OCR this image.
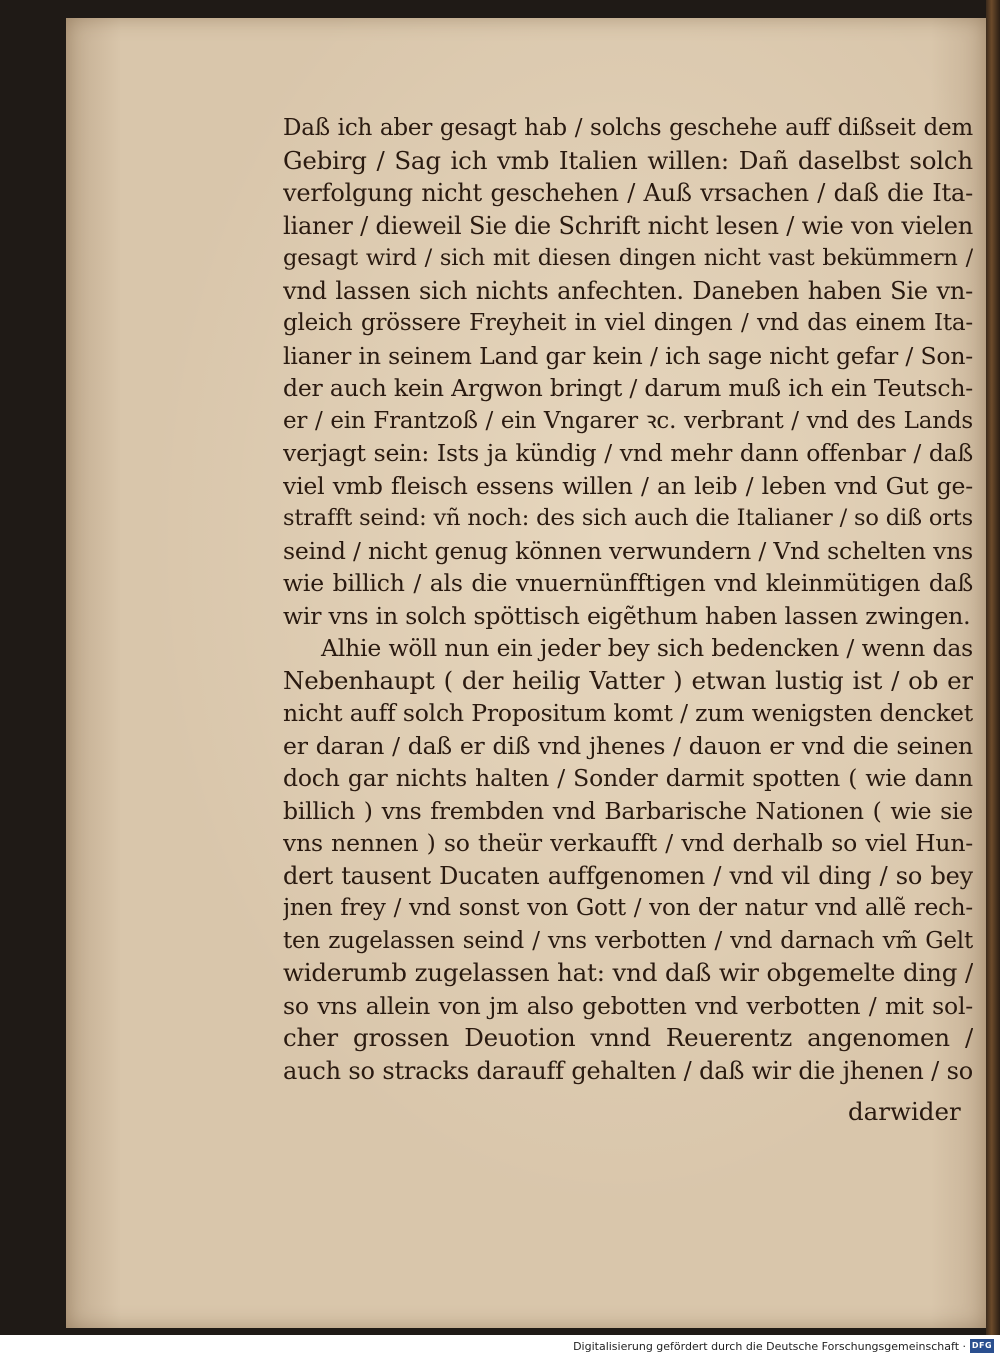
Daß ich aber gesagt hab / solchs geschehe auff dißseit dem
Gebirg / Sag ich vmb Italien willen: Dañ daselbst solch
verfolgung nicht geschehen / Auß vrsachen / daß die Ita-
lianer / dieweil Sie die Schrift nicht lesen / wie von vielen
gesagt wird / sich mit diesen dingen nicht vast bekümmern /
vnd lassen sich nichts anfechten. Daneben haben Sie vn-
gleich grössere Freyheit in viel dingen / vnd das einem Ita-
lianer in seinem Land gar kein / ich sage nicht gefar / Son-
der auch kein Argwon bringt / darum muß ich ein Teutsch-
er / ein Frantzoß / ein Vngarer ꝛc. verbrant / vnd des Lands
verjagt sein: Ists ja kündig / vnd mehr dann offenbar / daß
viel vmb fleisch essens willen / an leib / leben vnd Gut ge-
strafft seind: vñ noch: des sich auch die Italianer / so diß orts
seind / nicht genug können verwundern / Vnd schelten vns
wie billich / als die vnuernünfftigen vnd kleinmütigen daß
wir vns in solch spöttisch eigẽthum haben lassen zwingen.
Alhie wöll nun ein jeder bey sich bedencken / wenn das
Nebenhaupt ( der heilig Vatter ) etwan lustig ist / ob er
nicht auff solch Propositum komt / zum wenigsten dencket
er daran / daß er diß vnd jhenes / dauon er vnd die seinen
doch gar nichts halten / Sonder darmit spotten ( wie dann
billich ) vns frembden vnd Barbarische Nationen ( wie sie
vns nennen ) so theür verkaufft / vnd derhalb so viel Hun-
dert tausent Ducaten auffgenomen / vnd vil ding / so bey
jnen frey / vnd sonst von Gott / von der natur vnd allẽ rech-
ten zugelassen seind / vns verbotten / vnd darnach vm̃ Gelt
widerumb zugelassen hat: vnd daß wir obgemelte ding /
so vns allein von jm also gebotten vnd verbotten / mit sol-
cher grossen Deuotion vnnd Reuerentz angenomen /
auch so stracks darauff gehalten / daß wir die jhenen / so
darwider
Digitalisierung gefördert durch die Deutsche Forschungsgemeinschaft · DFG
